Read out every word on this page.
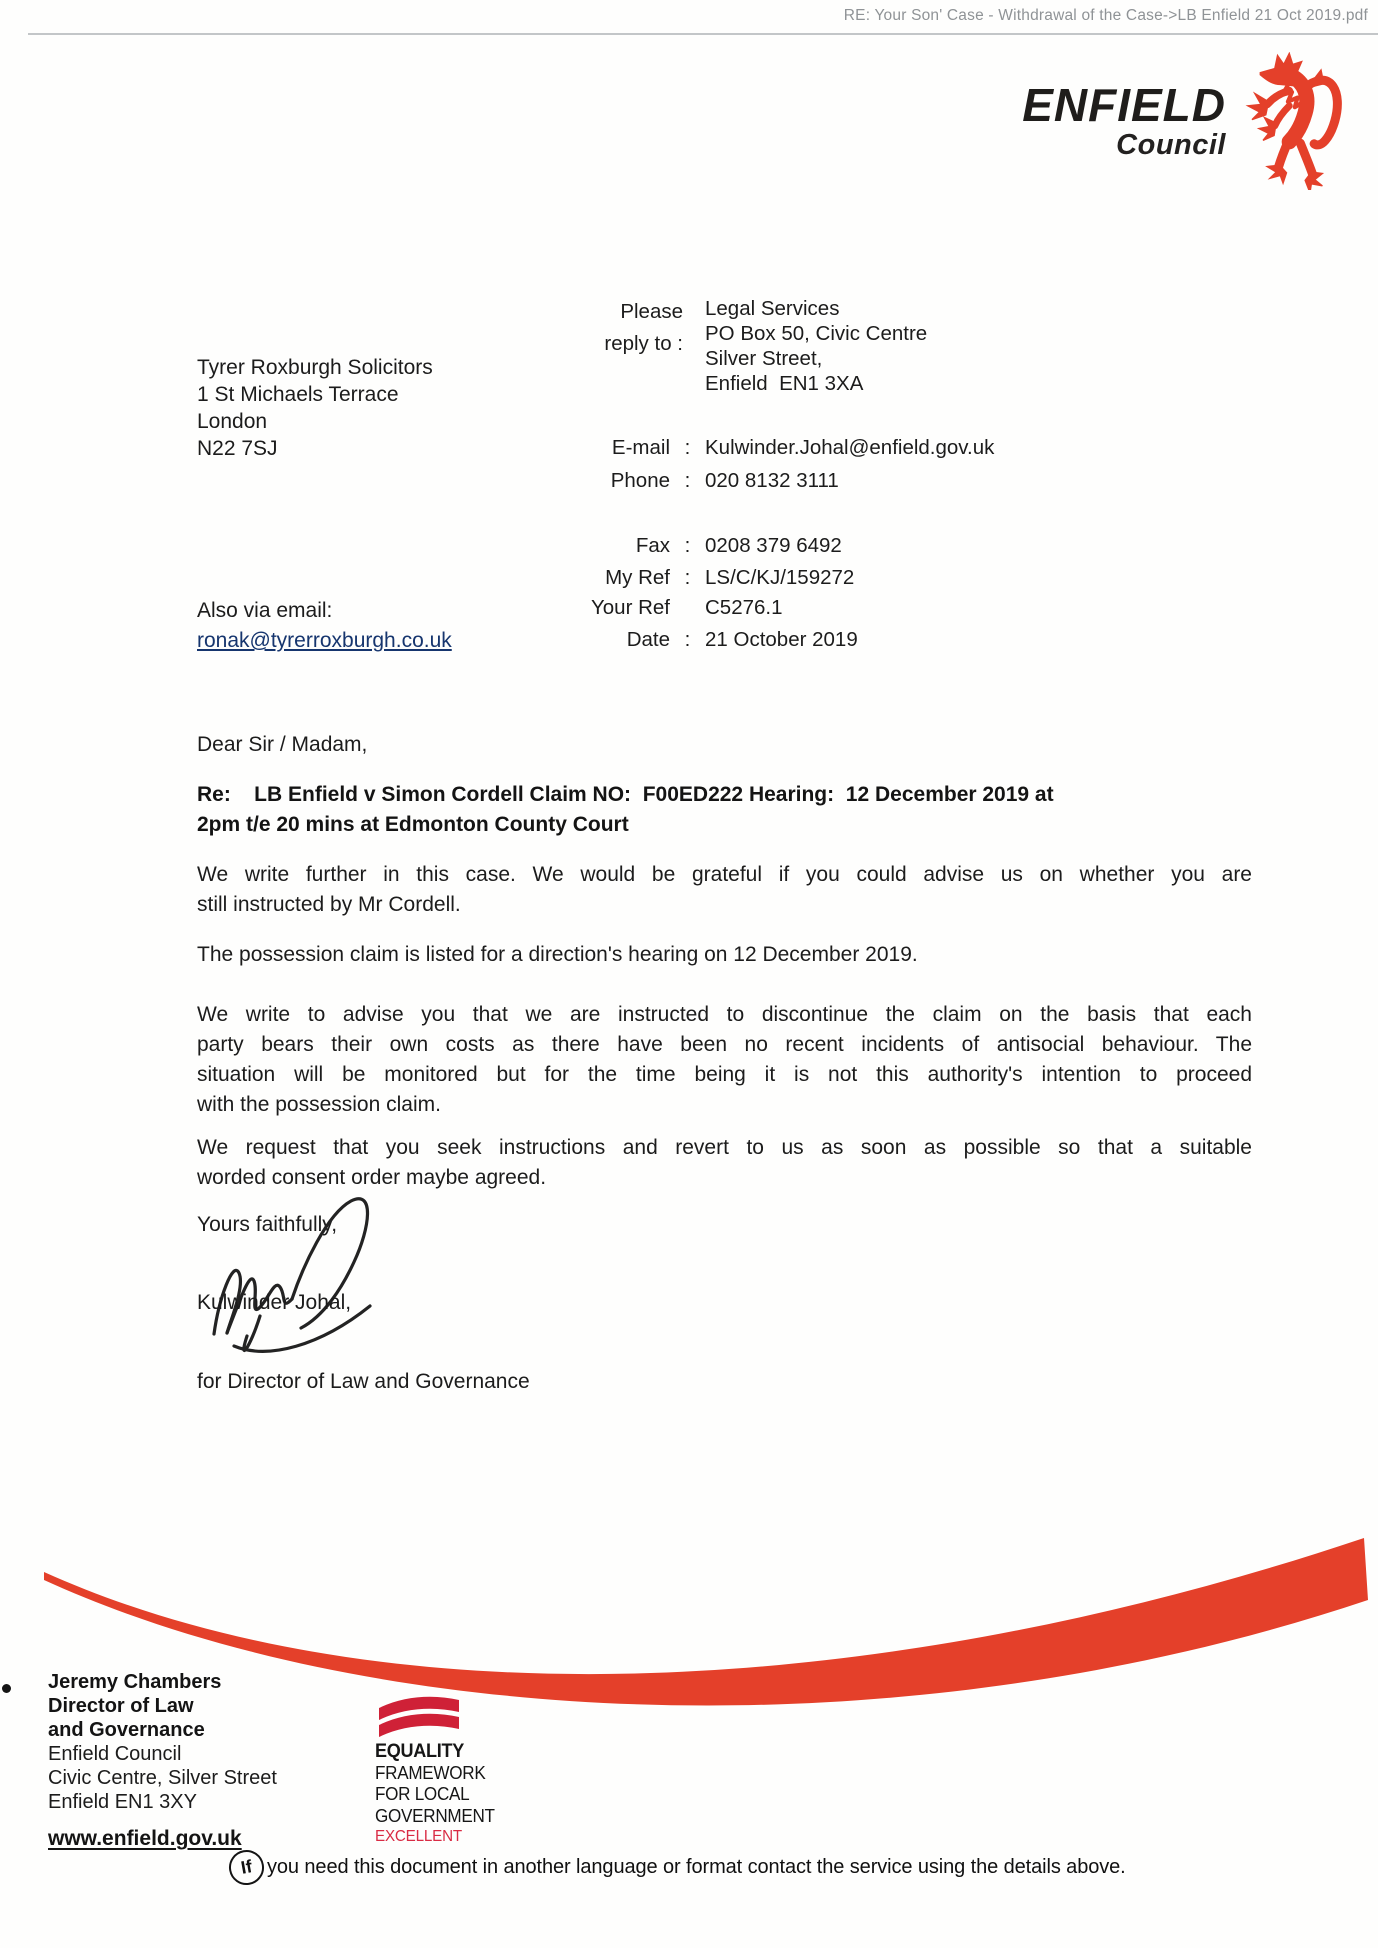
RE: Your Son' Case - Withdrawal of the Case->LB Enfield 21 Oct 2019.pdf
ENFIELD
Council
Tyrer Roxburgh Solicitors
1 St Michaels Terrace
London
N22 7SJ
Please
reply to :
Legal Services
PO Box 50, Civic Centre
Silver Street,
Enfield  EN1 3XA
E-mail : Kulwinder.Johal@enfield.gov.uk
Phone : 020 8132 3111
Fax : 0208 379 6492
My Ref : LS/C/KJ/159272
Your Ref C5276.1
Date : 21 October 2019
Also via email:
ronak@tyrerroxburgh.co.uk
Dear Sir / Madam,
Re:    LB Enfield v Simon Cordell Claim NO:  F00ED222 Hearing:  12 December 2019 at
2pm t/e 20 mins at Edmonton County Court
We write further in this case. We would be grateful if you could advise us on whether you are
still instructed by Mr Cordell.
The possession claim is listed for a direction's hearing on 12 December 2019.
We write to advise you that we are instructed to discontinue the claim on the basis that each
party bears their own costs as there have been no recent incidents of antisocial behaviour. The
situation will be monitored but for the time being it is not this authority's intention to proceed
with the possession claim.
We request that you seek instructions and revert to us as soon as possible so that a suitable
worded consent order maybe agreed.
Yours faithfully,
Kulwinder Johal,
for Director of Law and Governance
Jeremy Chambers
Director of Law
and Governance
Enfield Council
Civic Centre, Silver Street
Enfield EN1 3XY
www.enfield.gov.uk
EQUALITY
FRAMEWORK
FOR LOCAL
GOVERNMENT
EXCELLENT
If you need this document in another language or format contact the service using the details above.
